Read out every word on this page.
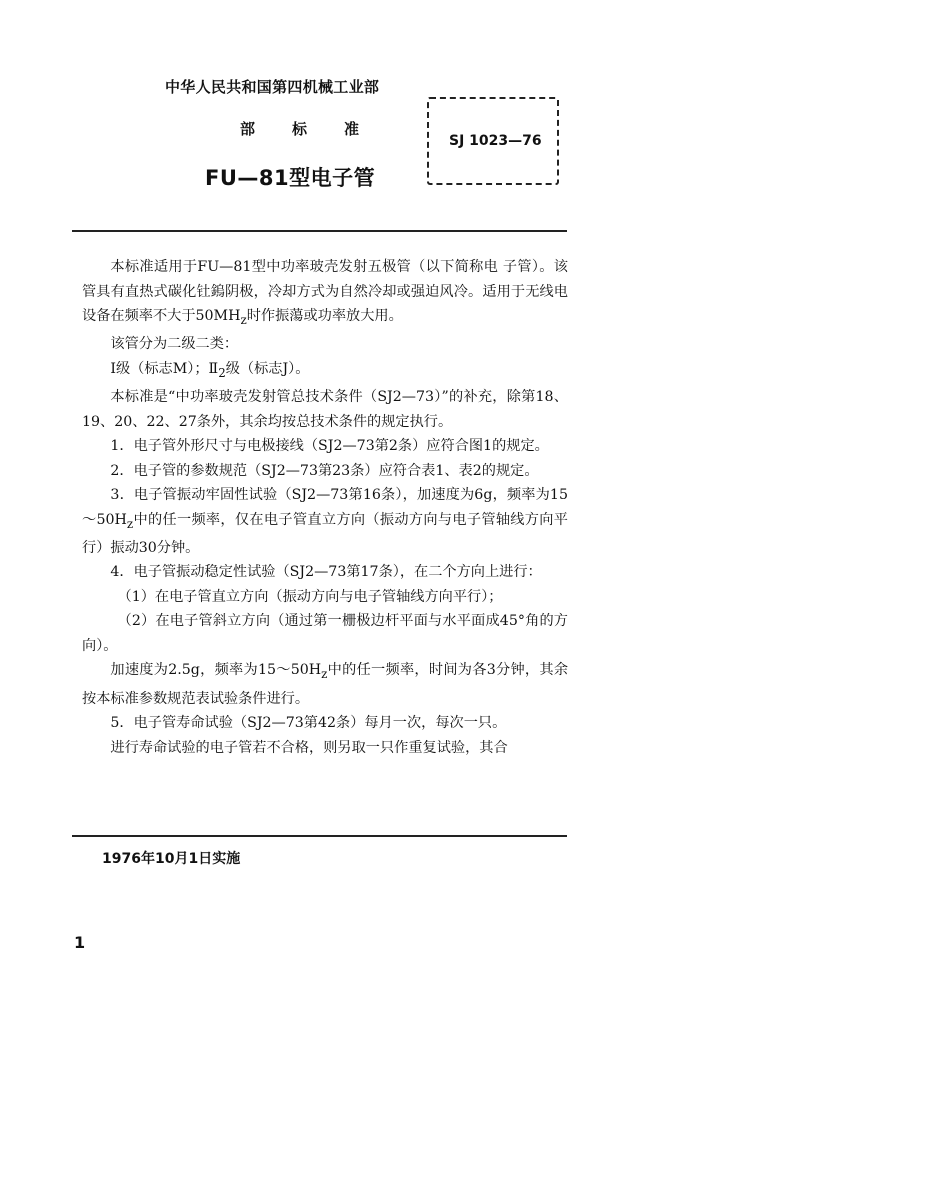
中华人民共和国第四机械工业部
部 标 准
FU—81型电子管
SJ 1023—76

本标准适用于FU—81型中功率玻壳发射五极管（以下简称电 子管）。该管具有直热式碳化钍鎢阴极，冷却方式为自然冷却或强迫风冷。适用于无线电设备在频率不大于$50MH_z$时作振蕩或功率放大用。

该管分为二级二类：

Ⅰ级（标志M）；$Ⅱ_2$级（标志J）。

本标准是“中功率玻壳发射管总技术条件（SJ2—73）”的补充，除第18、19、20、22、27条外，其余均按总技术条件的规定执行。

1．电子管外形尺寸与电极接线（SJ2—73第2条）应符合图1的规定。

2．电子管的参数规范（SJ2—73第23条）应符合表1、表2的规定。

3．电子管振动牢固性试验（SJ2—73第16条），加速度为6g，频率为$15\sim 50H_z$中的任一频率，仅在电子管直立方向（振动方向与电子管轴线方向平行）振动30分钟。

4．电子管振动稳定性试验（SJ2—73第17条），在二个方向上进行：

（1）在电子管直立方向（振动方向与电子管轴线方向平行）；

（2）在电子管斜立方向（通过第一栅极边杆平面与水平面成45°角的方向）。

加速度为2.5g，频率为$15\sim 50H_z$中的任一频率，时间为各3分钟，其余按本标准参数规范表试验条件进行。

5．电子管寿命试验（SJ2—73第42条）每月一次，每次一只。

进行寿命试验的电子管若不合格，则另取一只作重复试验，其合

1976年10月1日实施
1
